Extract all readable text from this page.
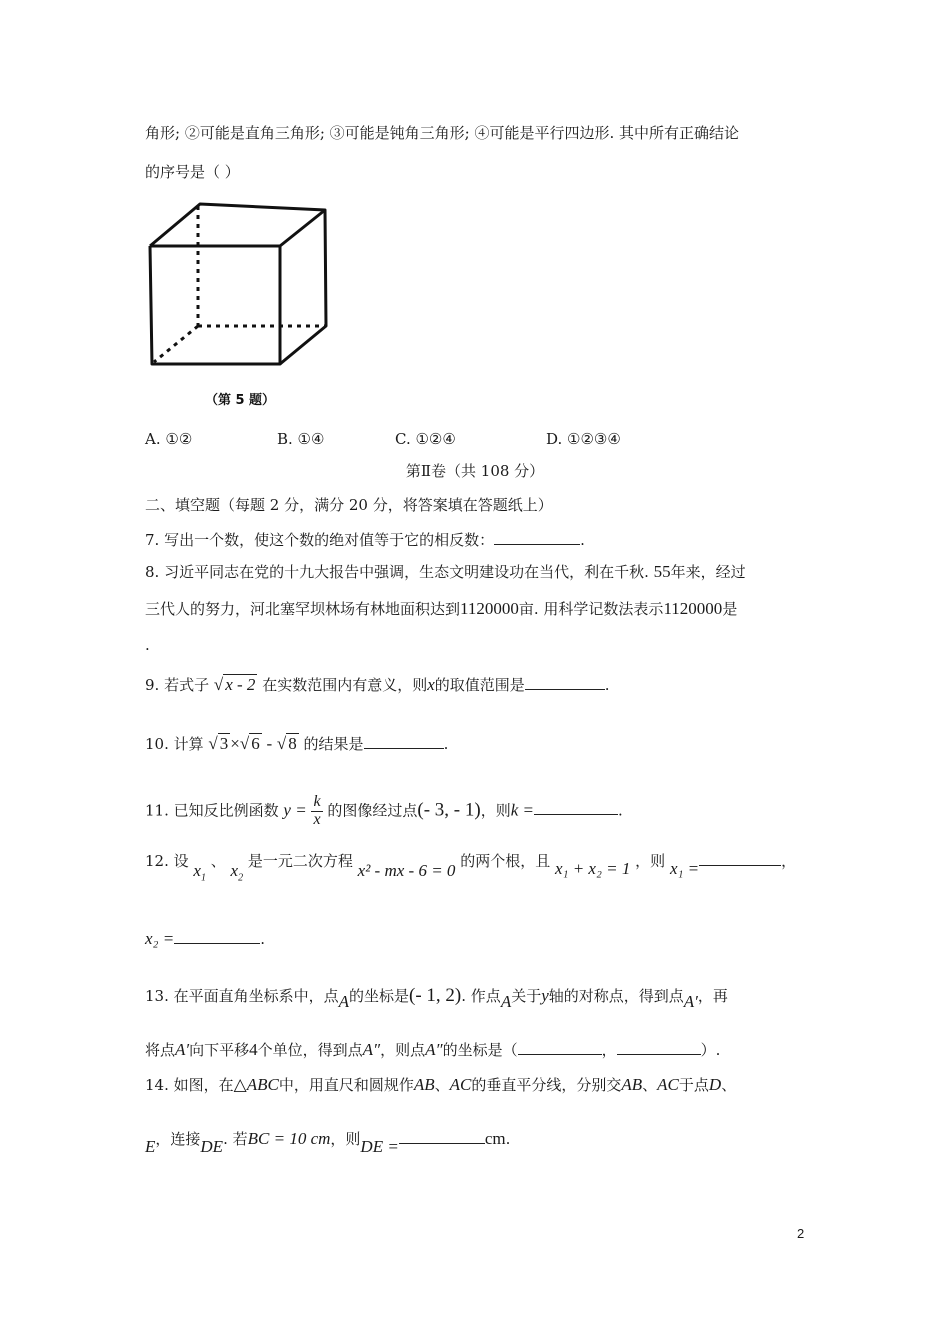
角形; ②可能是直角三角形; ③可能是钝角三角形; ④可能是平行四边形. 其中所有正确结论
的序号是（ ）
（第 5 题）
A. ①②	B. ①④	C. ①②④	D. ①②③④
第Ⅱ卷（共 108 分）
二、填空题（每题 2 分，满分 20 分，将答案填在答题纸上）
7. 写出一个数，使这个数的绝对值等于它的相反数：	.
8. 习近平同志在党的十九大报告中强调，生态文明建设功在当代，利在千秋. 55年来，经过
三代人的努力，河北塞罕坝林场有林地面积达到1120000亩. 用科学记数法表示1120000是
.
9. 若式子 √ x - 2 在实数范围内有意义，则x的取值范围是	.
10. 计算 √ 3 ×√ 6 - √ 8 的结果是	.
11. 已知反比例函数 $y = \frac{k}{x}$ 的图像经过点(- 3, - 1)，则k =	.
12. 设 $x_1$ 、 $x_2$ 是一元二次方程 x² - mx - 6 = 0 的两个根，且 x₁ + x₂ = 1 ，则 x₁ =	，
x₂ =	.
13. 在平面直角坐标系中，点A的坐标是(- 1, 2). 作点A关于y轴的对称点，得到点A′，再
将点A′向下平移4个单位，得到点A″，则点A″的坐标是（	，	）.
14. 如图，在△ABC中，用直尺和圆规作AB、AC的垂直平分线，分别交AB、AC于点D、
E，连接DE. 若BC = 10 cm，则DE =	cm.
2
